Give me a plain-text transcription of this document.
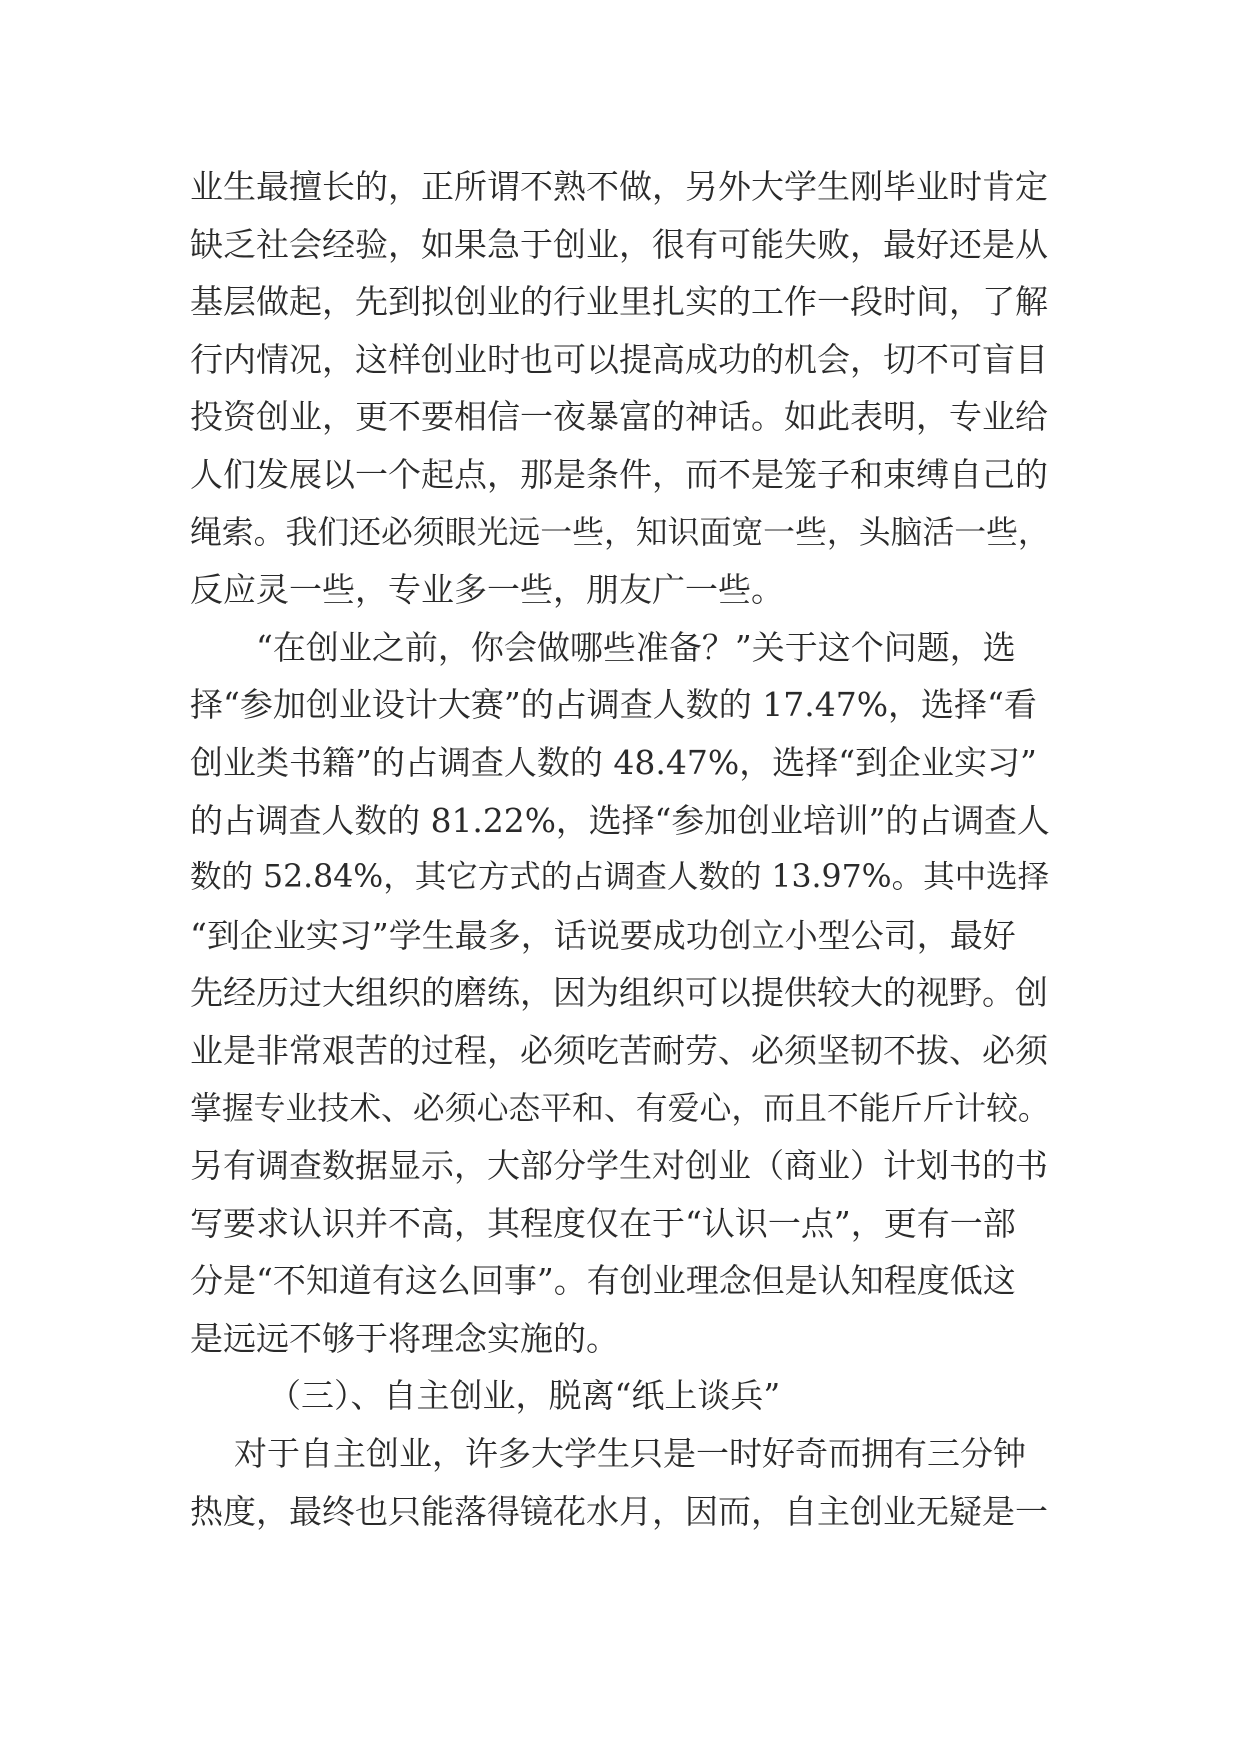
业生最擅长的，正所谓不熟不做，另外大学生刚毕业时肯定
缺乏社会经验，如果急于创业，很有可能失败，最好还是从
基层做起，先到拟创业的行业里扎实的工作一段时间，了解
行内情况，这样创业时也可以提高成功的机会，切不可盲目
投资创业，更不要相信一夜暴富的神话。如此表明，专业给
人们发展以一个起点，那是条件，而不是笼子和束缚自己的
绳索。我们还必须眼光远一些，知识面宽一些，头脑活一些，
反应灵一些，专业多一些，朋友广一些。
“在创业之前，你会做哪些准备？”关于这个问题，选
择“参加创业设计大赛”的占调查人数的 17.47%，选择“看
创业类书籍”的占调查人数的 48.47%，选择“到企业实习”
的占调查人数的 81.22%，选择“参加创业培训”的占调查人
数的 52.84%，其它方式的占调查人数的 13.97%。其中选择
“到企业实习”学生最多，话说要成功创立小型公司，最好
先经历过大组织的磨练，因为组织可以提供较大的视野。创
业是非常艰苦的过程，必须吃苦耐劳、必须坚韧不拔、必须
掌握专业技术、必须心态平和、有爱心，而且不能斤斤计较。
另有调查数据显示，大部分学生对创业（商业）计划书的书
写要求认识并不高，其程度仅在于“认识一点”，更有一部
分是“不知道有这么回事”。有创业理念但是认知程度低这
是远远不够于将理念实施的。
（三）、自主创业，脱离“纸上谈兵”
对于自主创业，许多大学生只是一时好奇而拥有三分钟
热度，最终也只能落得镜花水月，因而，自主创业无疑是一
